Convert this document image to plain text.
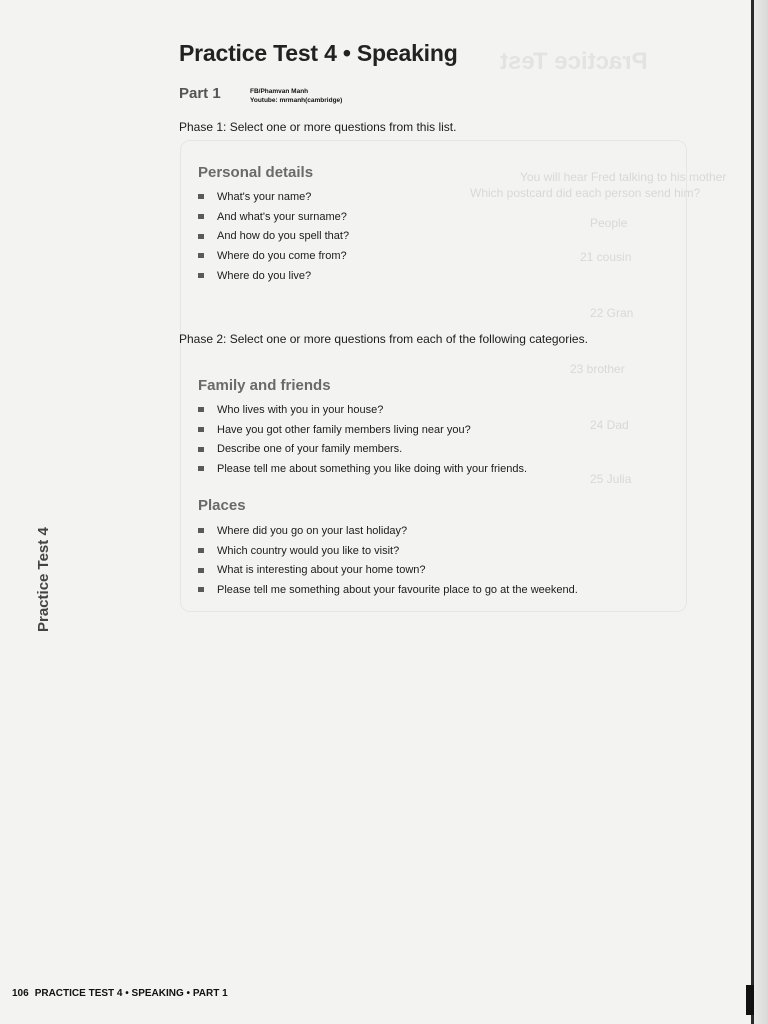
Practice Test
You will hear Fred talking to his mother
Which postcard did each person send him?
People
21 cousin
22 Gran
23 brother
24 Dad
25 Julia
Practice Test 4 • Speaking
Part 1	FB/Phamvan Manh
Youtube: mrmanh(cambridge)
Phase 1: Select one or more questions from this list.
Personal details
What's your name?
And what's your surname?
And how do you spell that?
Where do you come from?
Where do you live?
Phase 2: Select one or more questions from each of the following categories.
Family and friends
Who lives with you in your house?
Have you got other family members living near you?
Describe one of your family members.
Please tell me about something you like doing with your friends.
Places
Where did you go on your last holiday?
Which country would you like to visit?
What is interesting about your home town?
Please tell me something about your favourite place to go at the weekend.
Practice Test 4
106 PRACTICE TEST 4 • SPEAKING • PART 1
